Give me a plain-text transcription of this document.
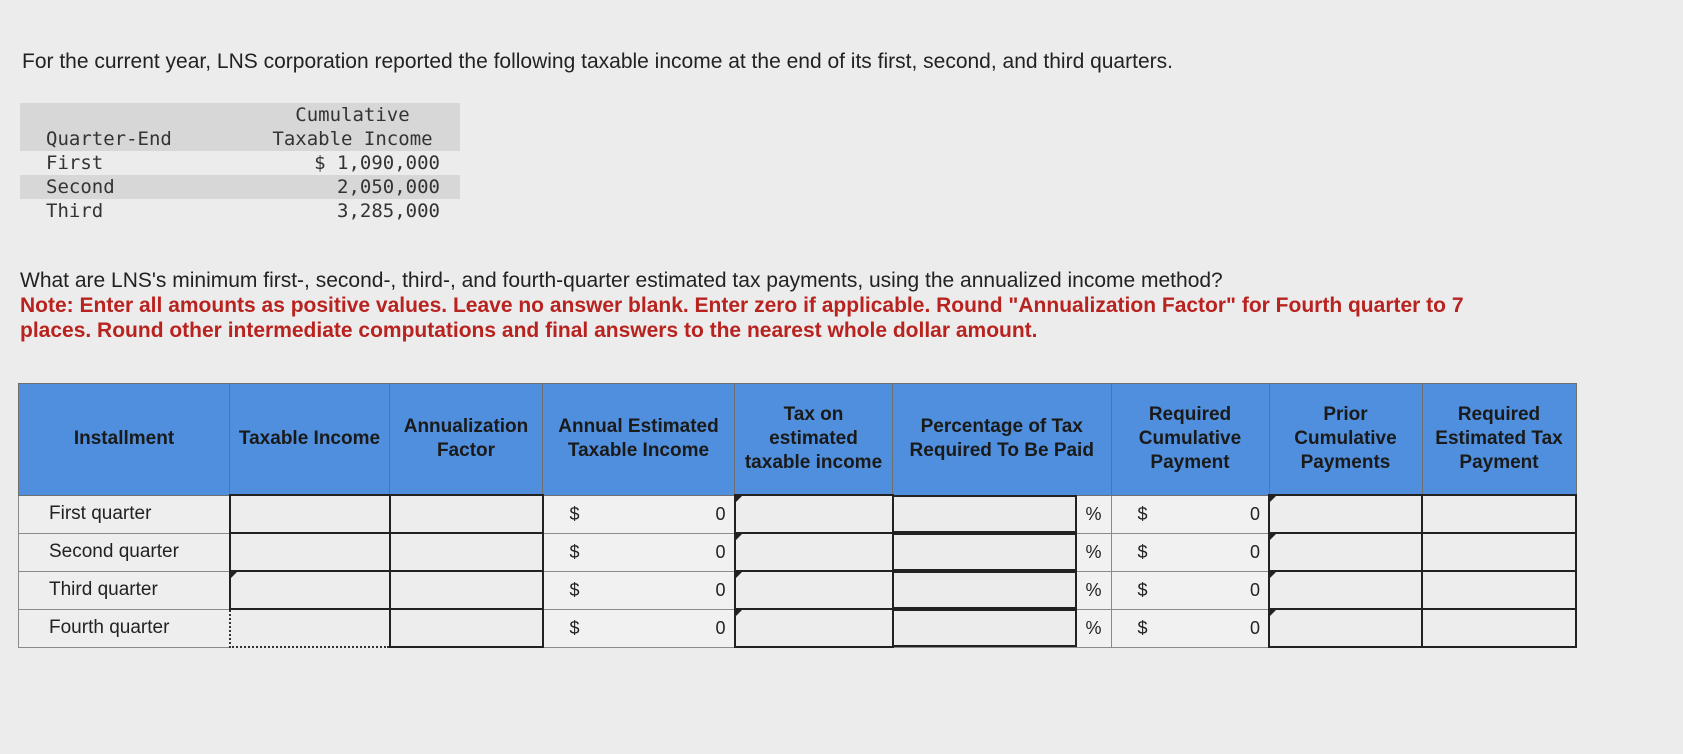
For the current year, LNS corporation reported the following taxable income at the end of its first, second, and third quarters.

Cumulative
Quarter-End	Taxable Income
First	$ 1,090,000
Second	2,050,000
Third	3,285,000
What are LNS's minimum first-, second-, third-, and fourth-quarter estimated tax payments, using the annualized income method?
Note: Enter all amounts as positive values. Leave no answer blank. Enter zero if applicable. Round "Annualization Factor" for Fourth quarter to 7 places. Round other intermediate computations and final answers to the nearest whole dollar amount.
Installment	Taxable Income	Annualization Factor	Annual Estimated Taxable Income	Tax on estimated taxable income	Percentage of Tax Required To Be Paid	Required Cumulative Payment	Prior Cumulative Payments	Required Estimated Tax Payment
First quarter			$ 0		%	$ 0

Second quarter			$ 0		%	$ 0

Third quarter			$ 0		%	$ 0

Fourth quarter			$ 0		%	$ 0
